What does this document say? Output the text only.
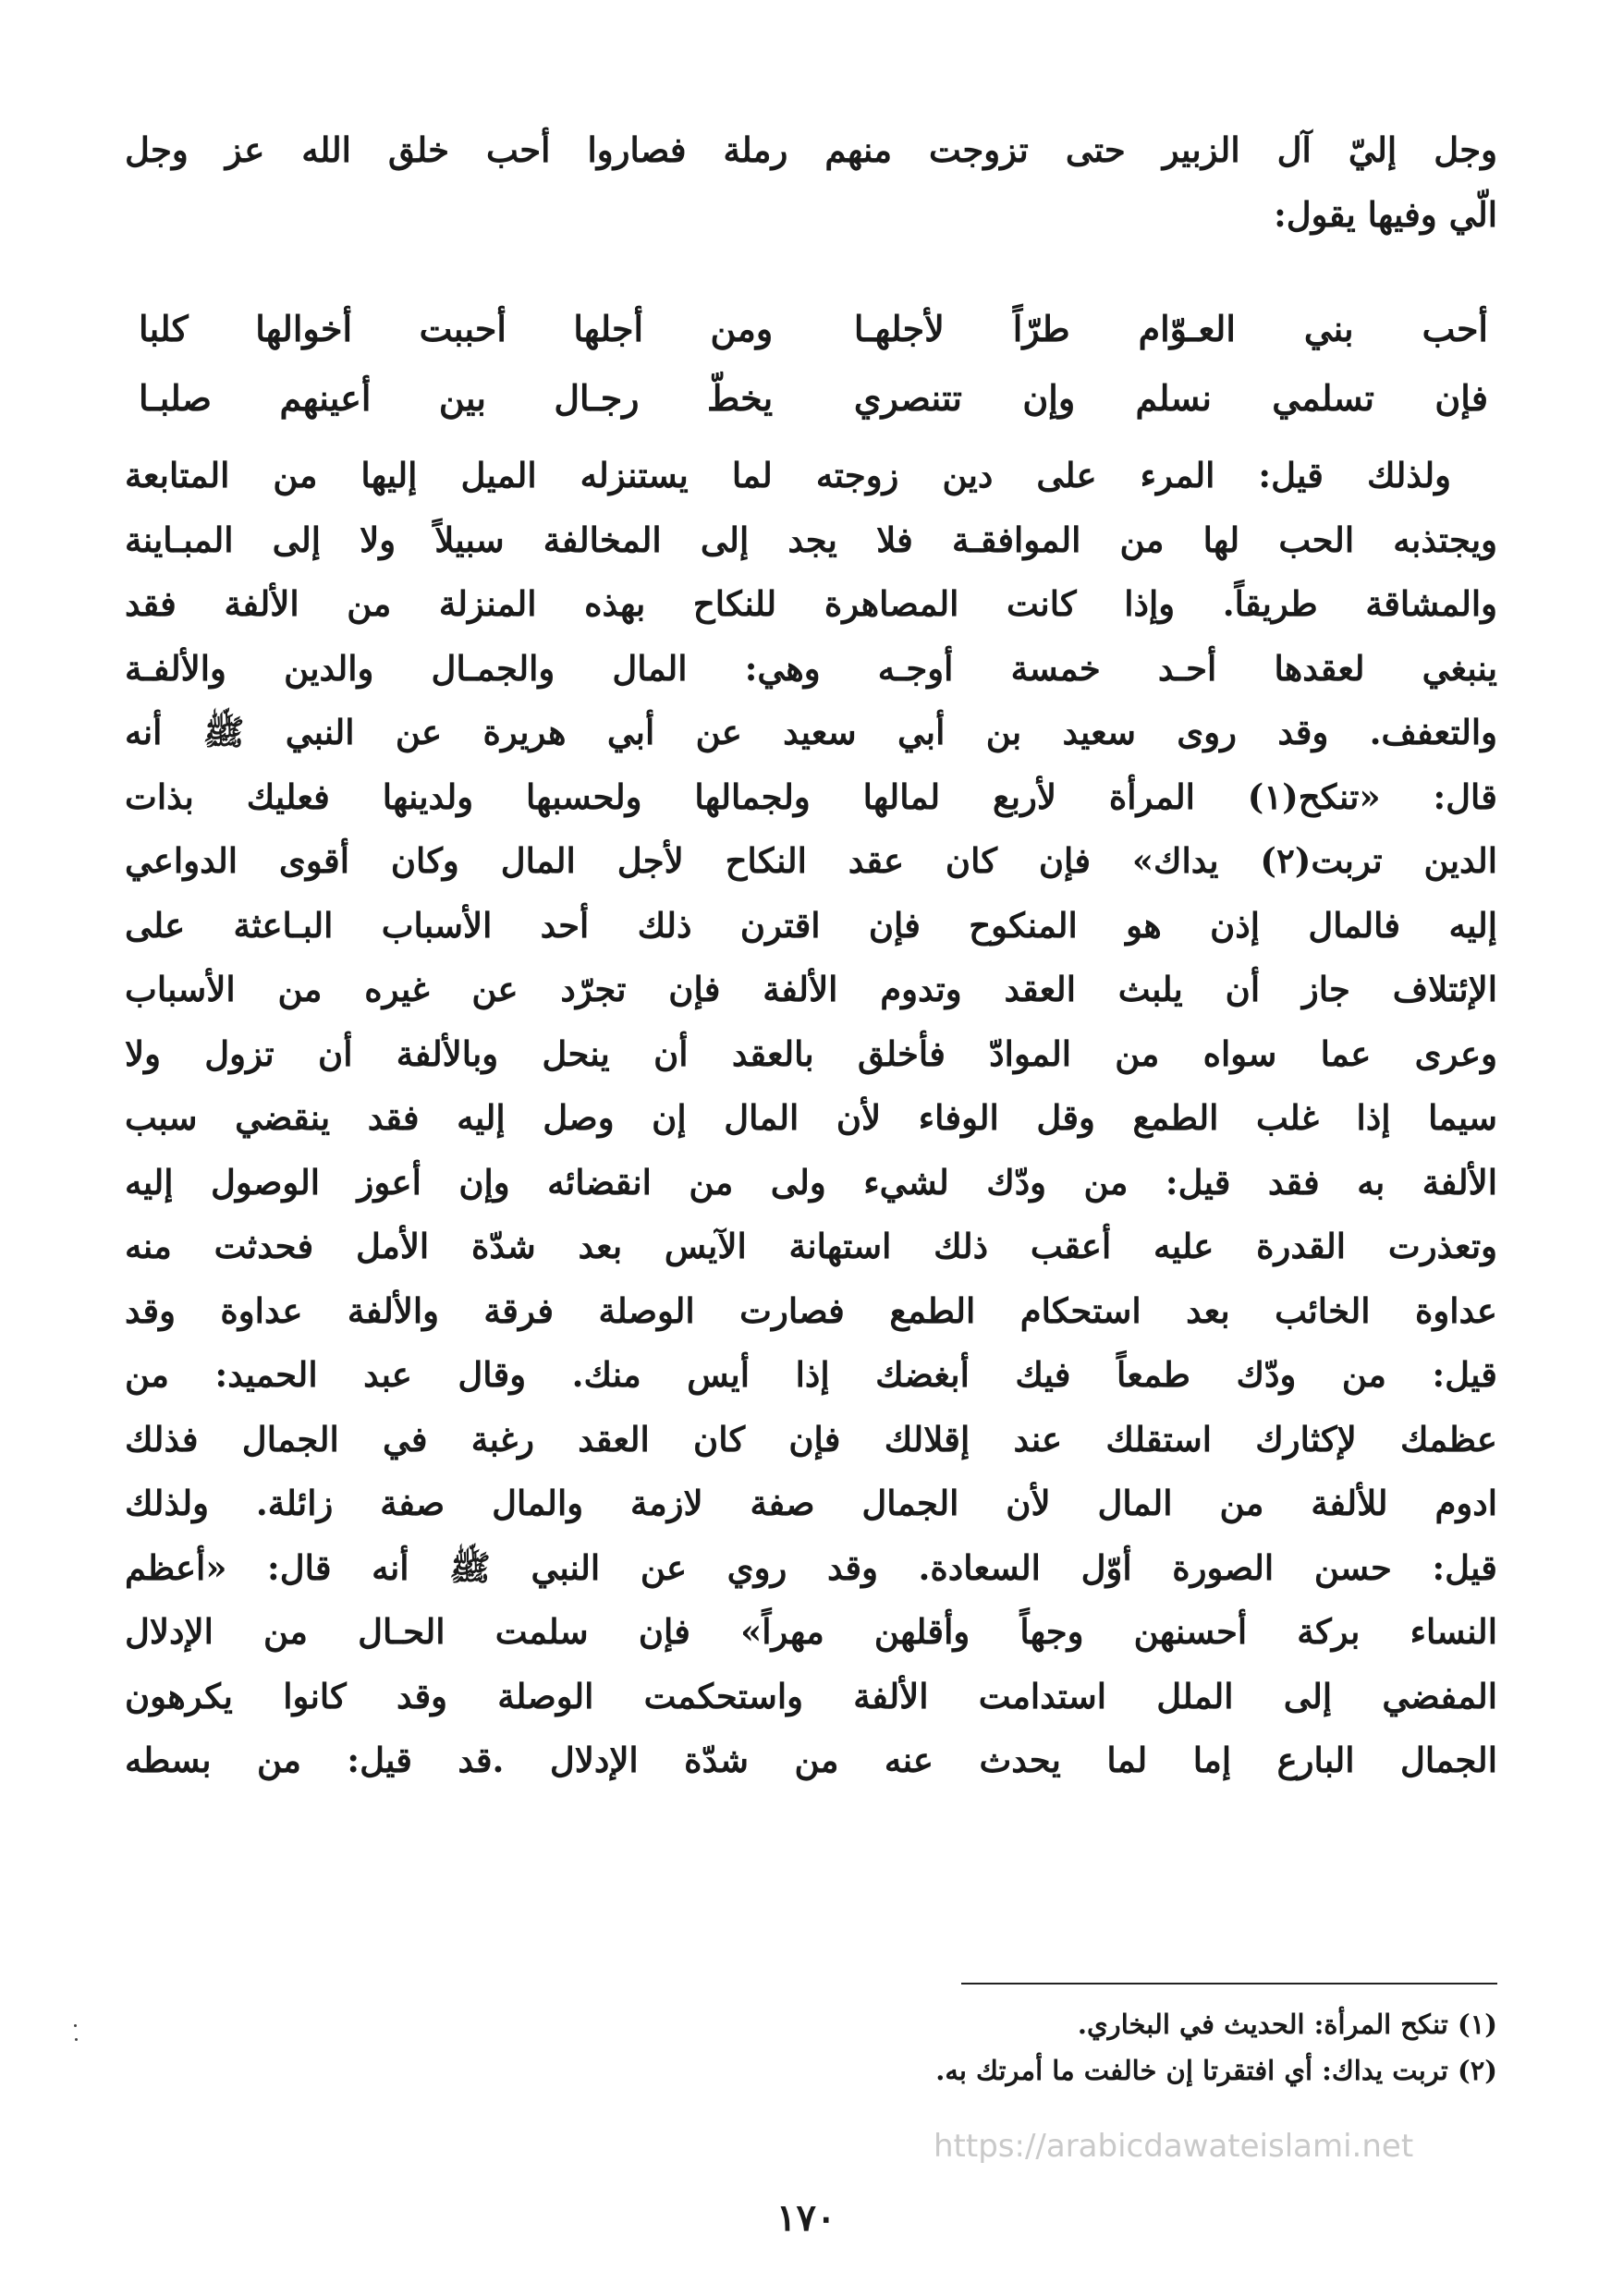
وجل إليّ آل الزبير حتى تزوجت منهم رملة فصاروا أحب خلق الله عز وجل
الّي وفيها يقول:
أحب بني العـوّام طرّاً لأجلهـا
ومن أجلها أحببت أخوالها كلبا
فإن تسلمي نسلم وإن تتنصري
يخطّ رجـال بين أعينهم صلبـا
ولذلك قيل: المرء على دين زوجته لما يستنزله الميل إليها من المتابعة
ويجتذبه الحب لها من الموافقـة فلا يجد إلى المخالفة سبيلاً ولا إلى المبـاينة
والمشاقة طريقاً. وإذا كانت المصاهرة للنكاح بهذه المنزلة من الألفة فقد
ينبغي لعقدها أحـد خمسة أوجـه وهي: المال والجمـال والدين والألفـة
والتعفف. وقد روى سعيد بن أبي سعيد عن أبي هريرة عن النبي ﷺ أنه
قال: «تنكح(١) المرأة لأربع لمالها ولجمالها ولحسبها ولدينها فعليك بذات
الدين تربت(٢) يداك» فإن كان عقد النكاح لأجل المال وكان أقوى الدواعي
إليه فالمال إذن هو المنكوح فإن اقترن ذلك أحد الأسباب البـاعثة على
الإئتلاف جاز أن يلبث العقد وتدوم الألفة فإن تجرّد عن غيره من الأسباب
وعرى عما سواه من الموادّ فأخلق بالعقد أن ينحل وبالألفة أن تزول ولا
سيما إذا غلب الطمع وقل الوفاء لأن المال إن وصل إليه فقد ينقضي سبب
الألفة به فقد قيل: من ودّك لشيء ولى من انقضائه وإن أعوز الوصول إليه
وتعذرت القدرة عليه أعقب ذلك استهانة الآيس بعد شدّة الأمل فحدثت منه
عداوة الخائب بعد استحكام الطمع فصارت الوصلة فرقة والألفة عداوة وقد
قيل: من ودّك طمعاً فيك أبغضك إذا أيس منك. وقال عبد الحميد: من
عظمك لإكثارك استقلك عند إقلالك فإن كان العقد رغبة في الجمال فذلك
ادوم للألفة من المال لأن الجمال صفة لازمة والمال صفة زائلة. ولذلك
قيل: حسن الصورة أوّل السعادة. وقد روي عن النبي ﷺ أنه قال: «أعظم
النساء بركة أحسنهن وجهاً وأقلهن مهراً» فإن سلمت الحـال من الإدلال
المفضي إلى الملل استدامت الألفة واستحكمت الوصلة وقد كانوا يكرهون
الجمال البارع إما لما يحدث عنه من شدّة الإدلال .قد قيل: من بسطه
(١) تنكح المرأة: الحديث في البخاري.
(٢) تربت يداك: أي افتقرتا إن خالفت ما أمرتك به.
https://arabicdawateislami.net
١٧٠
